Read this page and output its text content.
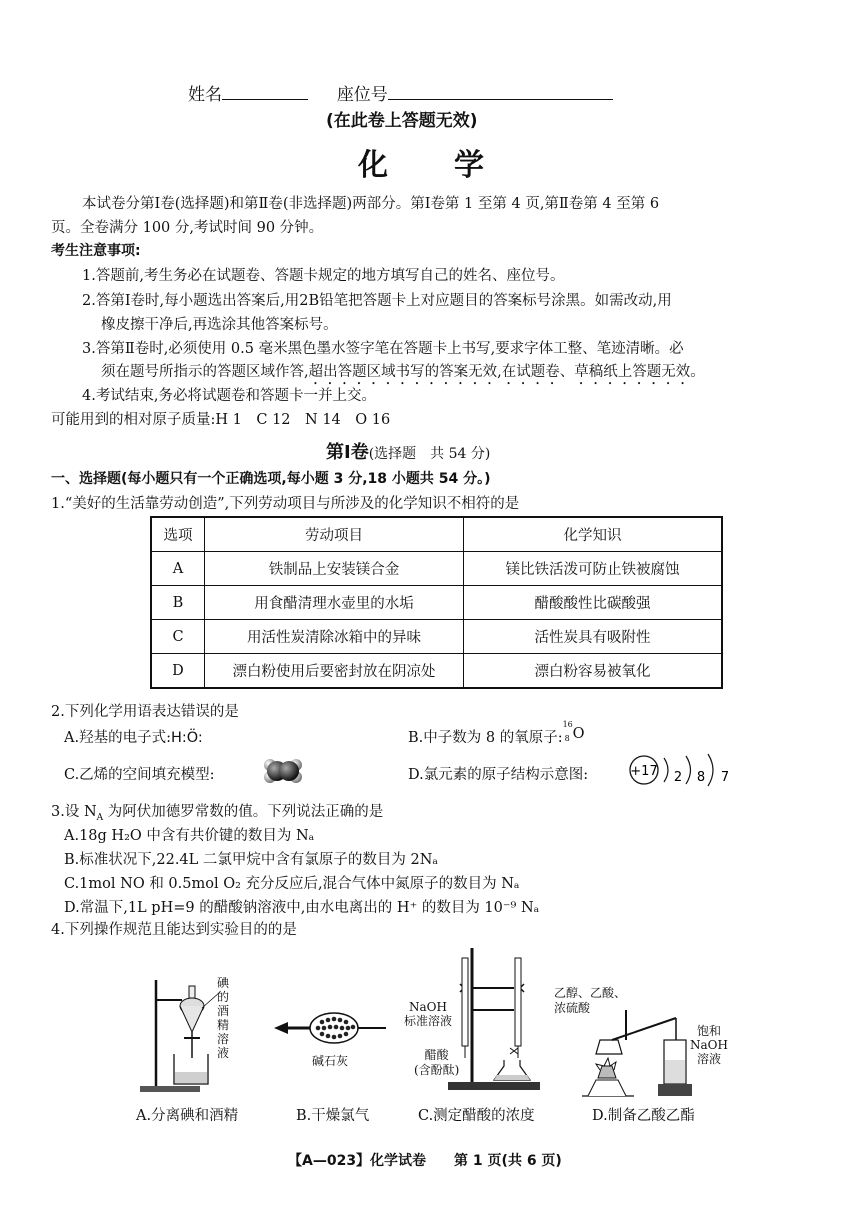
姓名	座位号
(在此卷上答题无效)
化　　学
本试卷分第Ⅰ卷(选择题)和第Ⅱ卷(非选择题)两部分。第Ⅰ卷第 1 至第 4 页,第Ⅱ卷第 4 至第 6
页。全卷满分 100 分,考试时间 90 分钟。
考生注意事项:
1.答题前,考生务必在试题卷、答题卡规定的地方填写自己的姓名、座位号。
2.答第Ⅰ卷时,每小题选出答案后,用2B铅笔把答题卡上对应题目的答案标号涂黑。如需改动,用
橡皮擦干净后,再选涂其他答案标号。
3.答第Ⅱ卷时,必须使用 0.5 毫米黑色墨水签字笔在答题卡上书写,要求字体工整、笔迹清晰。必
须在题号所指示的答题区域作答,超出答题区域书写的答案无效,在试题卷、草稿纸上答题无效。
4.考试结束,务必将试题卷和答题卡一并上交。
可能用到的相对原子质量:H 1　C 12　N 14　O 16
第Ⅰ卷(选择题　共 54 分)
一、选择题(每小题只有一个正确选项,每小题 3 分,18 小题共 54 分。)
1.“美好的生活靠劳动创造”,下列劳动项目与所涉及的化学知识不相符的是
选项	劳动项目	化学知识
A	铁制品上安装镁合金	镁比铁活泼可防止铁被腐蚀
B	用食醋清理水壶里的水垢	醋酸酸性比碳酸强
C	用活性炭清除冰箱中的异味	活性炭具有吸附性
D	漂白粉使用后要密封放在阴凉处	漂白粉容易被氧化
2.下列化学用语表达错误的是
A.羟基的电子式:H:Ö:	B.中子数为 8 的氧原子:
16
8 O
C.乙烯的空间填充模型:	D.氯元素的原子结构示意图:	+17 2 8 7
3.设 $N_A$ 为阿伏加德罗常数的值。下列说法正确的是
A.18g H₂O 中含有共价键的数目为 Nₐ
B.标准状况下,22.4L 二氯甲烷中含有氯原子的数目为 2Nₐ
C.1mol NO 和 0.5mol O₂ 充分反应后,混合气体中氮原子的数目为 Nₐ
D.常温下,1L pH=9 的醋酸钠溶液中,由水电离出的 H⁺ 的数目为 10⁻⁹ Nₐ
4.下列操作规范且能达到实验目的的是
碘
的
酒
精
溶
液
碱石灰
NaOH
标准溶液
醋酸
(含酚酞)
乙醇、乙酸、
浓硫酸
饱和
NaOH
溶液
A.分离碘和酒精	B.干燥氯气	C.测定醋酸的浓度	D.制备乙酸乙酯
【A—023】化学试卷　　第 1 页(共 6 页)
